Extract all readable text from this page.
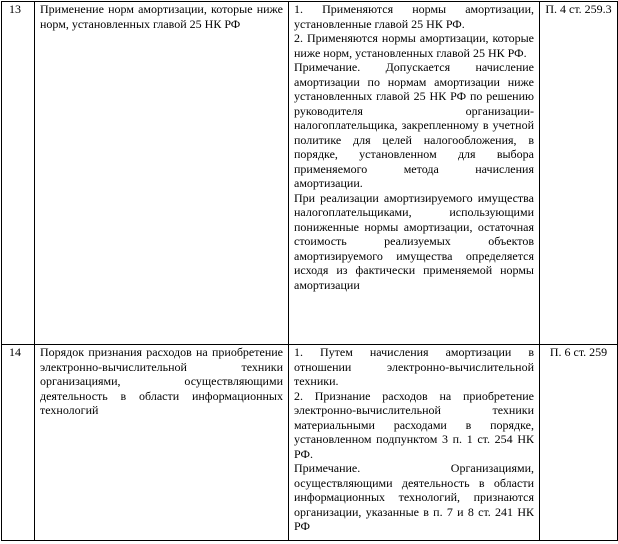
13	Применение норм амортизации, которые ниже норм, установленных главой 25 НК РФ	1. Применяются нормы амортизации, установленные главой 25 НК РФ.

2. Применяются нормы амортизации, которые ниже норм, установленных главой 25 НК РФ.

Примечание. Допускается начисление амортизации по нормам амортизации ниже установленных главой 25 НК РФ по решению руководителя организации-налогоплательщика, закрепленному в учетной политике для целей налогообложения, в порядке, установленном для выбора применяемого метода начисления амортизации.

При реализации амортизируемого имущества налогоплательщиками, использующими пониженные нормы амортизации, остаточная стоимость реализуемых объектов амортизируемого имущества определяется исходя из фактически применяемой нормы амортизации	П. 4 ст. 259.3
14	Порядок признания расходов на приобретение электронно-вычислительной техники организациями, осуществляющими деятельность в области информационных технологий	1. Путем начисления амортизации в отношении электронно-вычислительной техники.

2. Признание расходов на приобретение электронно-вычислительной техники материальными расходами в порядке, установленном подпунктом 3 п. 1 ст. 254 НК РФ.

Примечание. Организациями, осуществляющими деятельность в области информационных технологий, признаются организации, указанные в п. 7 и 8 ст. 241 НК РФ	П. 6 ст. 259
